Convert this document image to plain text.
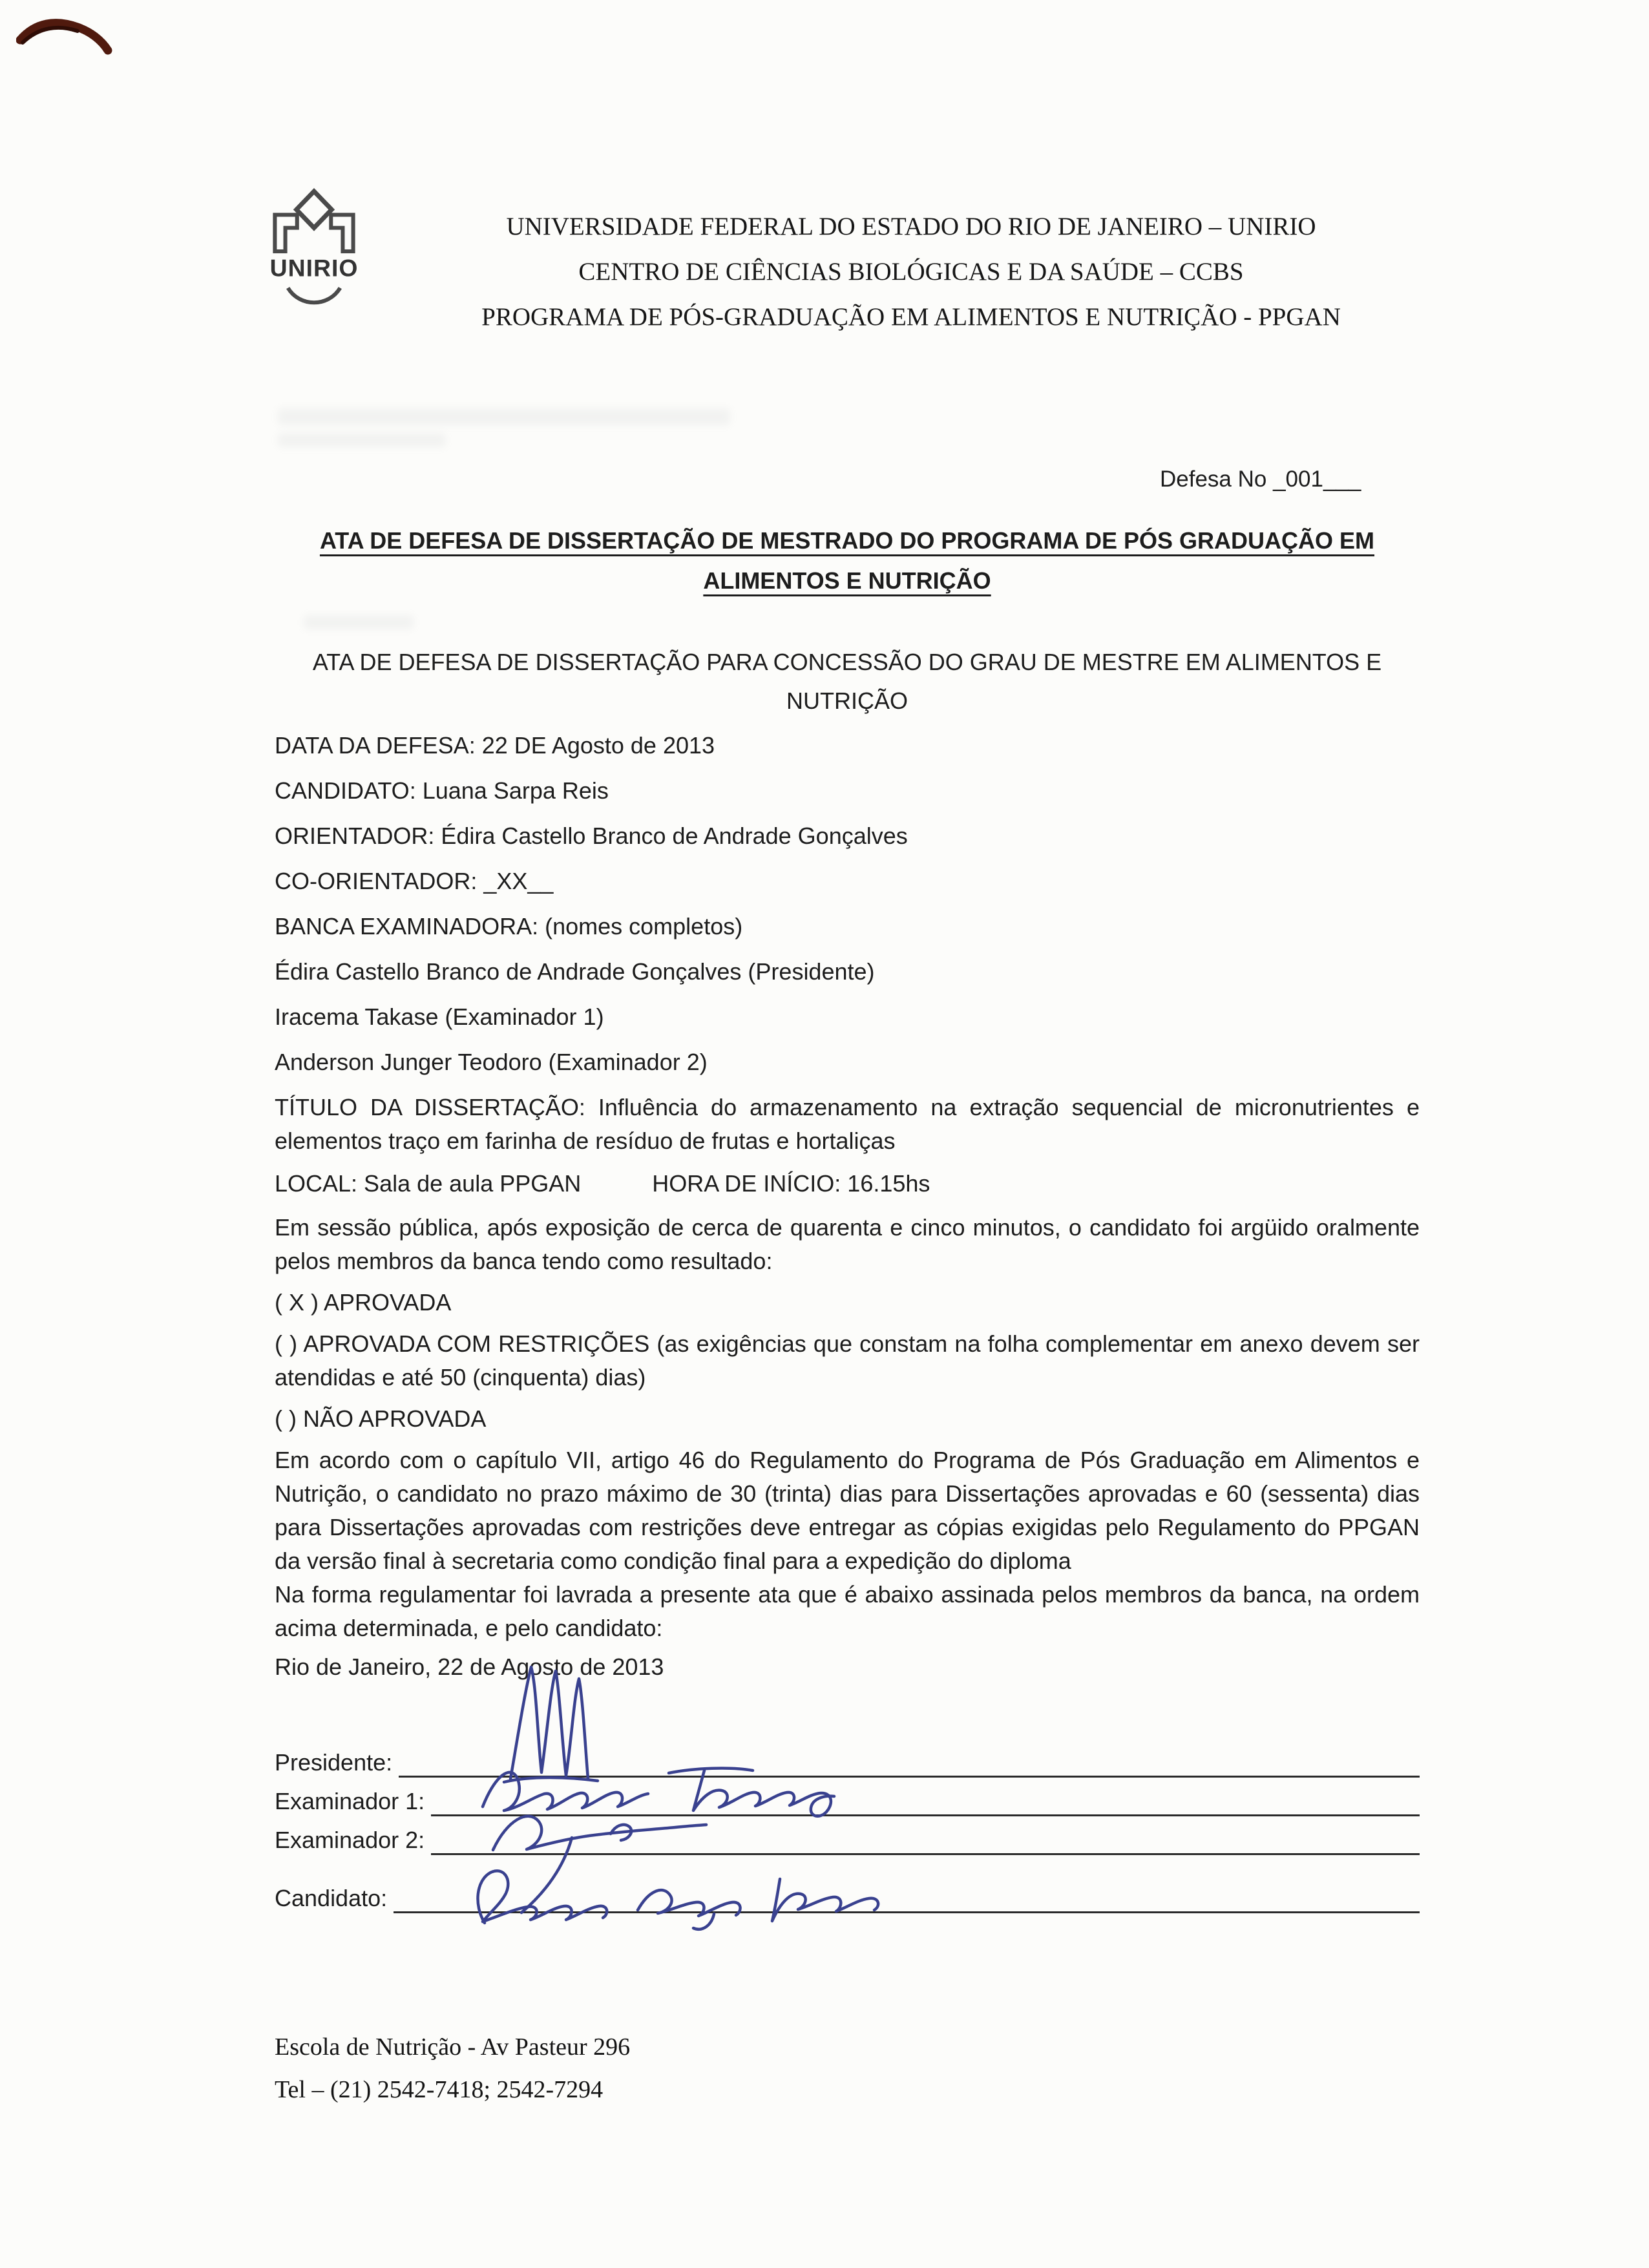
UNIRIO
UNIVERSIDADE FEDERAL DO ESTADO DO RIO DE JANEIRO – UNIRIO
CENTRO DE CIÊNCIAS BIOLÓGICAS E DA SAÚDE – CCBS
PROGRAMA DE PÓS-GRADUAÇÃO EM ALIMENTOS E NUTRIÇÃO - PPGAN
Defesa No _001___
ATA DE DEFESA DE DISSERTAÇÃO DE MESTRADO DO PROGRAMA DE PÓS GRADUAÇÃO EM ALIMENTOS E NUTRIÇÃO
ATA DE DEFESA DE DISSERTAÇÃO PARA CONCESSÃO DO GRAU DE MESTRE EM ALIMENTOS E NUTRIÇÃO

DATA DA DEFESA: 22 DE Agosto de 2013

CANDIDATO: Luana Sarpa Reis

ORIENTADOR: Édira Castello Branco de Andrade Gonçalves

CO-ORIENTADOR: _XX__

BANCA EXAMINADORA: (nomes completos)

Édira Castello Branco de Andrade Gonçalves (Presidente)

Iracema Takase (Examinador 1)

Anderson Junger Teodoro (Examinador 2)

TÍTULO DA DISSERTAÇÃO: Influência do armazenamento na extração sequencial de micronutrientes e elementos traço em farinha de resíduo de frutas e hortaliças

LOCAL: Sala de aula PPGAN	HORA DE INÍCIO: 16.15hs

Em sessão pública, após exposição de cerca de quarenta e cinco minutos, o candidato foi argüido oralmente pelos membros da banca tendo como resultado:

( X ) APROVADA

( ) APROVADA COM RESTRIÇÕES (as exigências que constam na folha complementar em anexo devem ser atendidas e até 50 (cinquenta) dias)

( ) NÃO APROVADA

Em acordo com o capítulo VII, artigo 46 do Regulamento do Programa de Pós Graduação em Alimentos e Nutrição, o candidato no prazo máximo de 30 (trinta) dias para Dissertações aprovadas e 60 (sessenta) dias para Dissertações aprovadas com restrições deve entregar as cópias exigidas pelo Regulamento do PPGAN da versão final à secretaria como condição final para a expedição do diploma

Na forma regulamentar foi lavrada a presente ata que é abaixo assinada pelos membros da banca, na ordem acima determinada, e pelo candidato:

Rio de Janeiro, 22 de Agosto de 2013

Presidente:
Examinador 1:
Examinador 2:
Candidato:
Escola de Nutrição - Av Pasteur 296
Tel – (21) 2542-7418; 2542-7294
